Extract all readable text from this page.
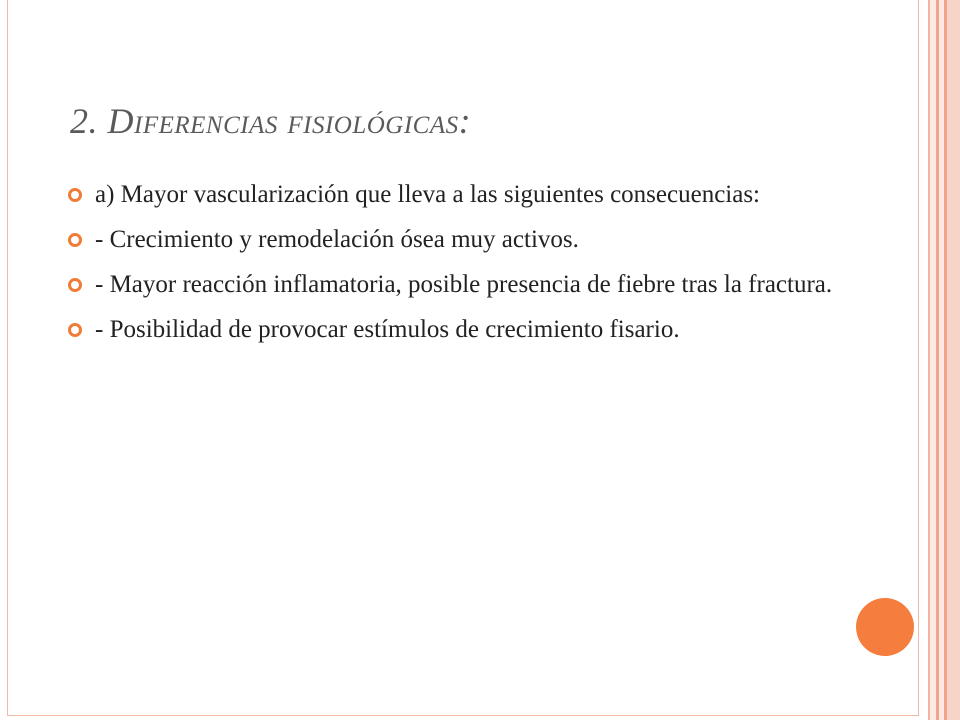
2. Diferencias fisiológicas:
a) Mayor vascularización que lleva a las siguientes consecuencias:
- Crecimiento y remodelación ósea muy activos.
- Mayor reacción inflamatoria, posible presencia de fiebre tras la fractura.
- Posibilidad de provocar estímulos de crecimiento fisario.
